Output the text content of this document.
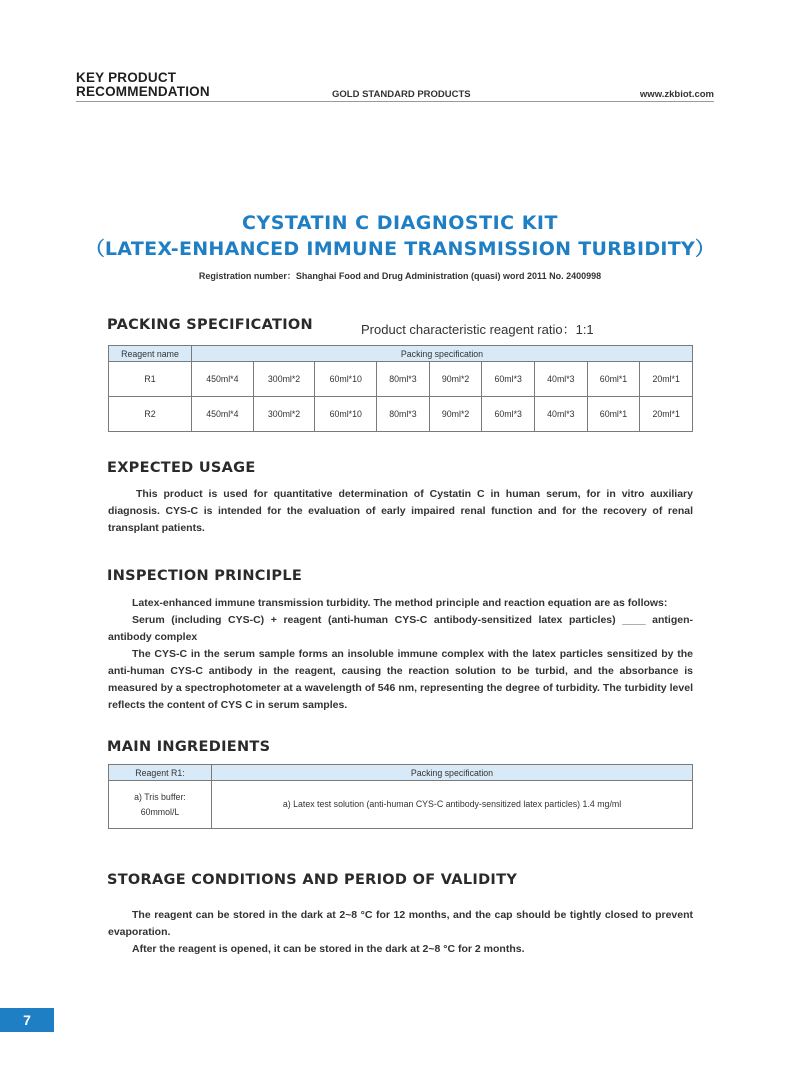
KEY PRODUCT
RECOMMENDATION	GOLD STANDARD PRODUCTS	www.zkbiot.com
CYSTATIN C DIAGNOSTIC KIT
（LATEX-ENHANCED IMMUNE TRANSMISSION TURBIDITY）
Registration number：Shanghai Food and Drug Administration (quasi) word 2011 No. 2400998
PACKING SPECIFICATION	Product characteristic reagent ratio：1:1
Reagent name	Packing specification								
R1	450ml*4	300ml*2	60ml*10	80ml*3	90ml*2	60ml*3	40ml*3	60ml*1	20ml*1
R2	450ml*4	300ml*2	60ml*10	80ml*3	90ml*2	60ml*3	40ml*3	60ml*1	20ml*1
EXPECTED USAGE

This product is used for quantitative determination of Cystatin C in human serum, for in vitro auxiliary diagnosis. CYS-C is intended for the evaluation of early impaired renal function and for the recovery of renal transplant patients.

INSPECTION PRINCIPLE

Latex-enhanced immune transmission turbidity. The method principle and reaction equation are as follows:

Serum (including CYS-C) + reagent (anti-human CYS-C antibody-sensitized latex particles) ____ antigen-antibody complex

The CYS-C in the serum sample forms an insoluble immune complex with the latex particles sensitized by the anti-human CYS-C antibody in the reagent, causing the reaction solution to be turbid, and the absorbance is measured by a spectrophotometer at a wavelength of 546 nm, representing the degree of turbidity. The turbidity level reflects the content of CYS C in serum samples.

MAIN INGREDIENTS
Reagent R1:	Packing specification

a) Tris buffer:
60mmol/L	a) Latex test solution (anti-human CYS-C antibody-sensitized latex particles) 1.4 mg/ml
STORAGE CONDITIONS AND PERIOD OF VALIDITY

The reagent can be stored in the dark at 2~8 °C for 12 months, and the cap should be tightly closed to prevent evaporation.

After the reagent is opened, it can be stored in the dark at 2~8 °C for 2 months.

7
